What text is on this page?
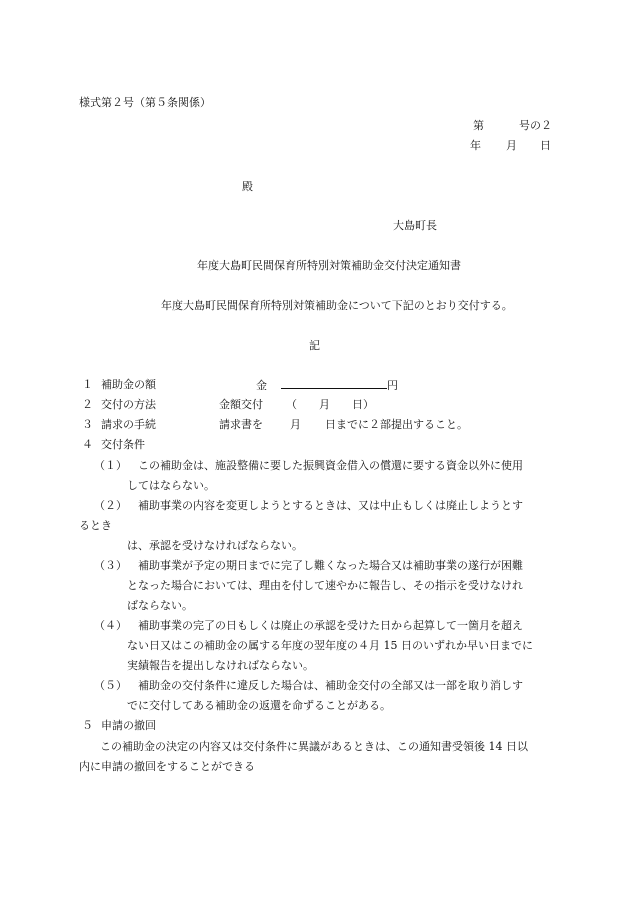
様式第２号（第５条関係）
第	号の２
年 月 日
殿
大島町長
年度大島町民間保育所特別対策補助金交付決定通知書
年度大島町民間保育所特別対策補助金について下記のとおり交付する。
記
１ 補助金の額	金	円
２ 交付の方法	金額交付 （　　月　　日）
３ 請求の手続	請求書を 月 日までに２部提出すること。
４ 交付条件
（１） この補助金は、施設整備に要した振興資金借入の償還に要する資金以外に使用
してはならない。
（２） 補助事業の内容を変更しようとするときは、又は中止もしくは廃止しようとす
るとき
は、承認を受けなければならない。
（３） 補助事業が予定の期日までに完了し難くなった場合又は補助事業の遂行が困難
となった場合においては、理由を付して速やかに報告し、その指示を受けなけれ
ばならない。
（４） 補助事業の完了の日もしくは廃止の承認を受けた日から起算して一箇月を超え
ない日又はこの補助金の属する年度の翌年度の４月 15 日のいずれか早い日までに
実績報告を提出しなければならない。
（５） 補助金の交付条件に違反した場合は、補助金交付の全部又は一部を取り消しす
でに交付してある補助金の返還を命ずることがある。
５ 申請の撤回
この補助金の決定の内容又は交付条件に異議があるときは、この通知書受領後 14 日以
内に申請の撤回をすることができる
